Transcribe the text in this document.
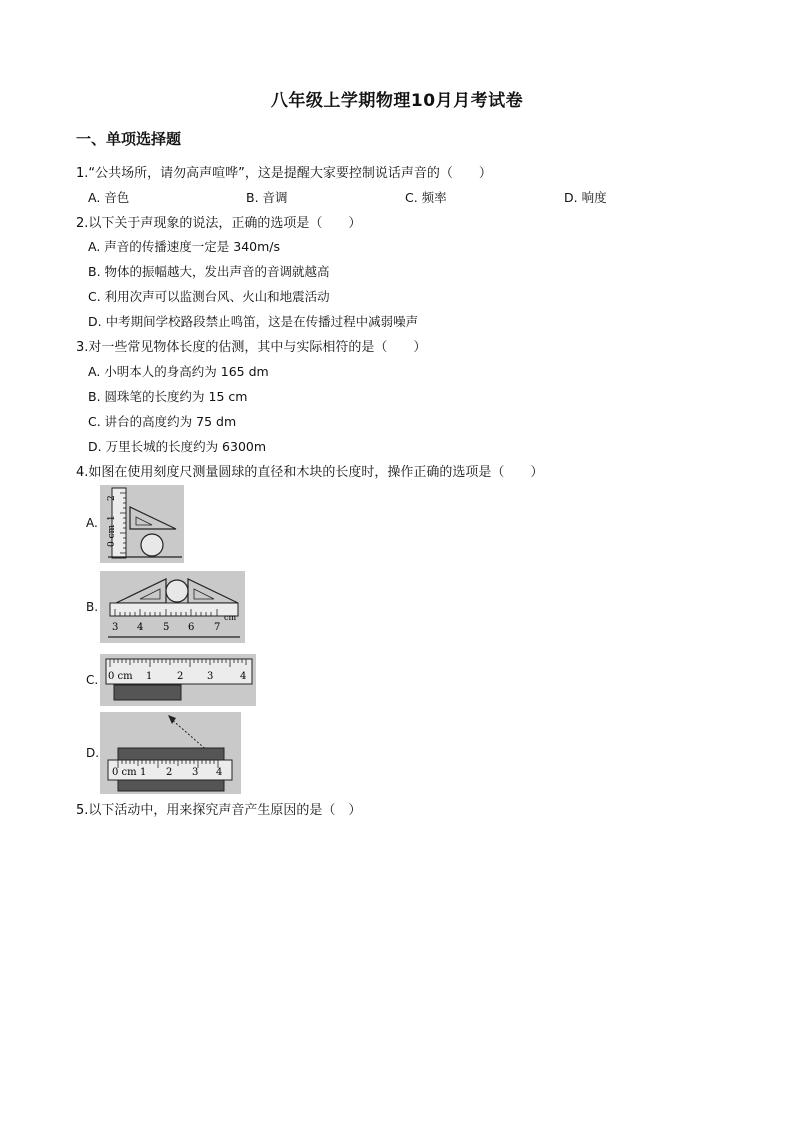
八年级上学期物理10月月考试卷
一、单项选择题
1.“公共场所，请勿高声喧哗”，这是提醒大家要控制说话声音的（　　）
A. 音色	B. 音调	C. 频率	D. 响度
2.以下关于声现象的说法，正确的选项是（　　）
A. 声音的传播速度一定是 340m/s
B. 物体的振幅越大，发出声音的音调就越高
C. 利用次声可以监测台风、火山和地震活动
D. 中考期间学校路段禁止鸣笛，这是在传播过程中减弱噪声
3.对一些常见物体长度的估测，其中与实际相符的是（　　）
A. 小明本人的身高约为 165 dm
B. 圆珠笔的长度约为 15 cm
C. 讲台的高度约为 75 dm
D. 万里长城的长度约为 6300m
4.如图在使用刻度尺测量圆球的直径和木块的长度时，操作正确的选项是（　　）
A.
0 cm
1
2
B.
3 4 5 6 7
cm
C. 0 cm 1 2 3	4
D.
0 cm 1 2 3 4
5.以下活动中，用来探究声音产生原因的是（　）
